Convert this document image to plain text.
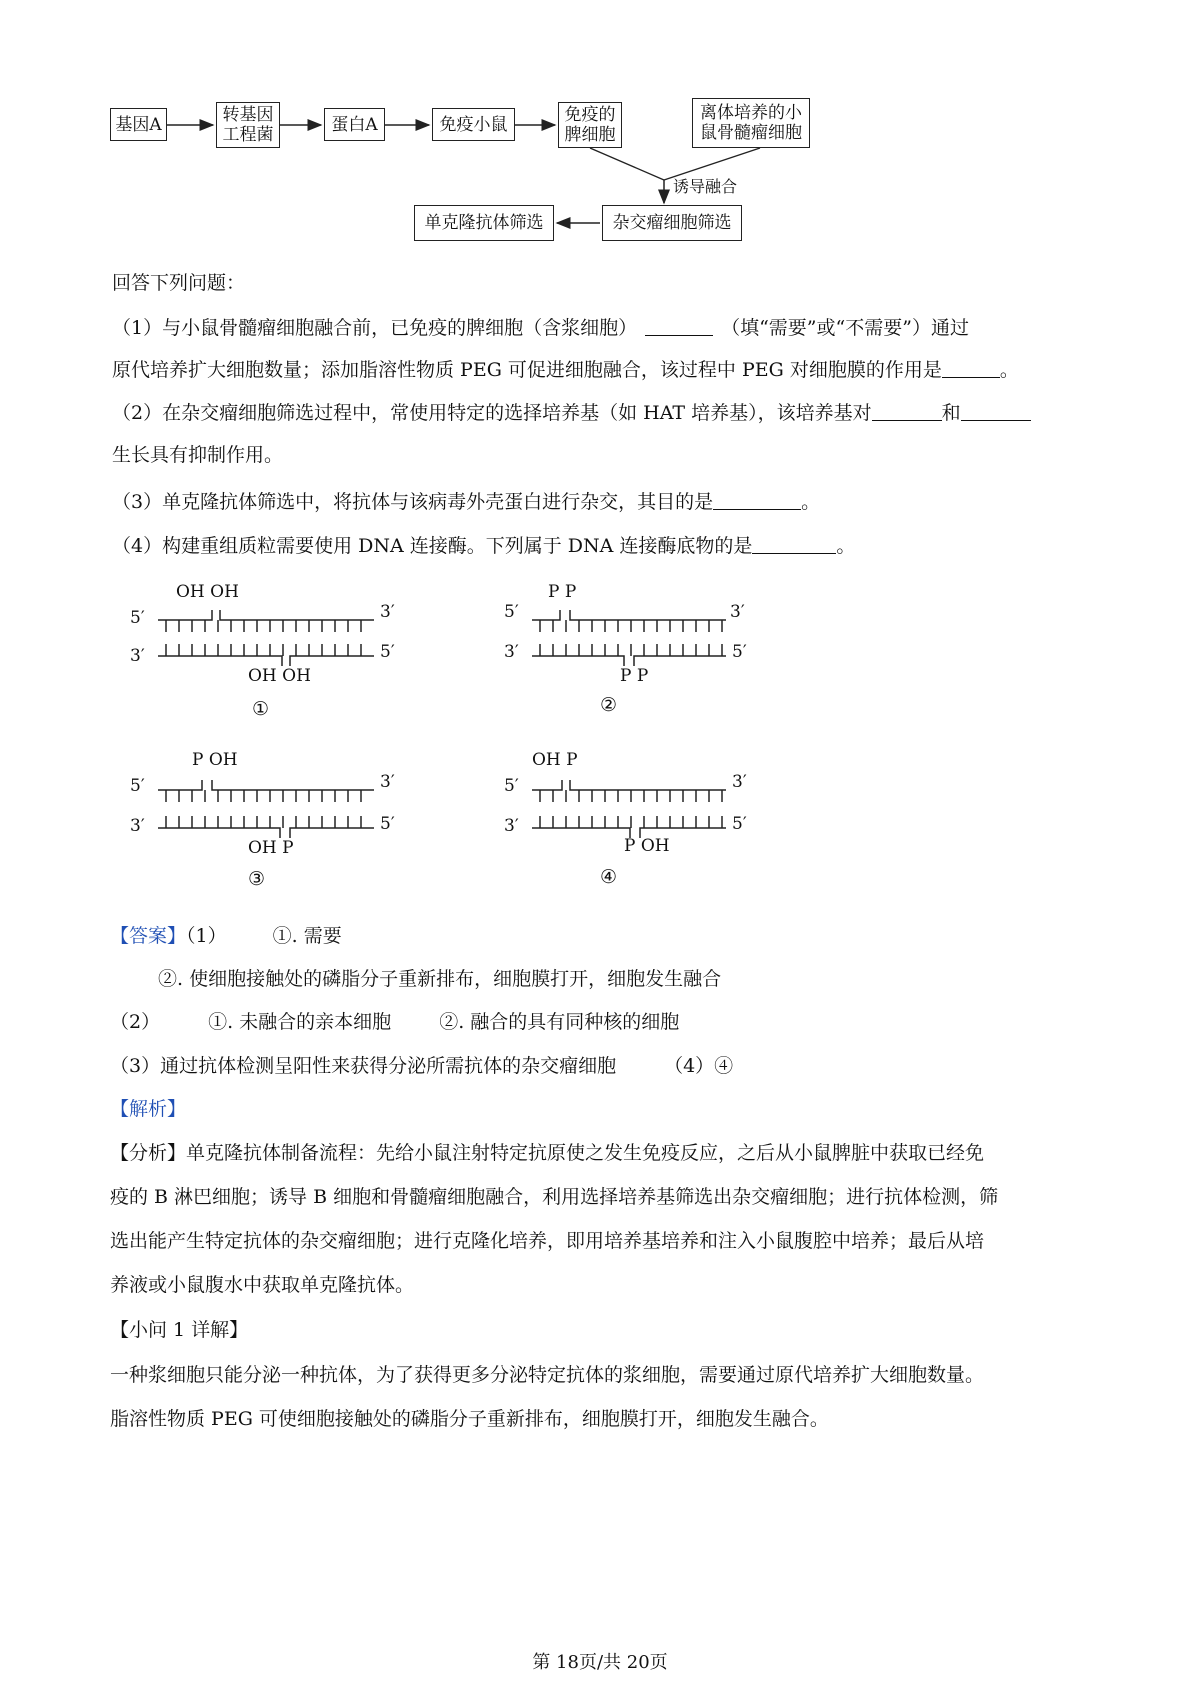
基因A	转基因
工程菌
蛋白A	免疫小鼠	免疫的
脾细胞
离体培养的小
鼠骨髓瘤细胞
杂交瘤细胞筛选
单克隆抗体筛选
诱导融合
回答下列问题：
（1）与小鼠骨髓瘤细胞融合前，已免疫的脾细胞（含浆细胞）	（填“需要”或“不需要”）通过
原代培养扩大细胞数量；添加脂溶性物质 PEG 可促进细胞融合，该过程中 PEG 对细胞膜的作用是	。
（2）在杂交瘤细胞筛选过程中，常使用特定的选择培养基（如 HAT 培养基），该培养基对	和
生长具有抑制作用。
（3）单克隆抗体筛选中，将抗体与该病毒外壳蛋白进行杂交，其目的是	。
（4）构建重组质粒需要使用 DNA 连接酶。下列属于 DNA 连接酶底物的是	。
OH OH
OH OH
5′	3′
3′	5′
①
P P
P P
5′	3′
3′	5′
②
P OH
OH P
5′	3′
3′	5′
③
OH P
P OH
5′	3′
3′	5′
④
【答案】（1） ①. 需要
②. 使细胞接触处的磷脂分子重新排布，细胞膜打开，细胞发生融合
（2）	①. 未融合的亲本细胞	②. 融合的具有同种核的细胞
（3）通过抗体检测呈阳性来获得分泌所需抗体的杂交瘤细胞	（4）④
【解析】
【分析】单克隆抗体制备流程：先给小鼠注射特定抗原使之发生免疫反应，之后从小鼠脾脏中获取已经免
疫的 B 淋巴细胞；诱导 B 细胞和骨髓瘤细胞融合，利用选择培养基筛选出杂交瘤细胞；进行抗体检测，筛
选出能产生特定抗体的杂交瘤细胞；进行克隆化培养，即用培养基培养和注入小鼠腹腔中培养；最后从培
养液或小鼠腹水中获取单克隆抗体。
【小问 1 详解】
一种浆细胞只能分泌一种抗体，为了获得更多分泌特定抗体的浆细胞，需要通过原代培养扩大细胞数量。
脂溶性物质 PEG 可使细胞接触处的磷脂分子重新排布，细胞膜打开，细胞发生融合。
第 18页/共 20页
